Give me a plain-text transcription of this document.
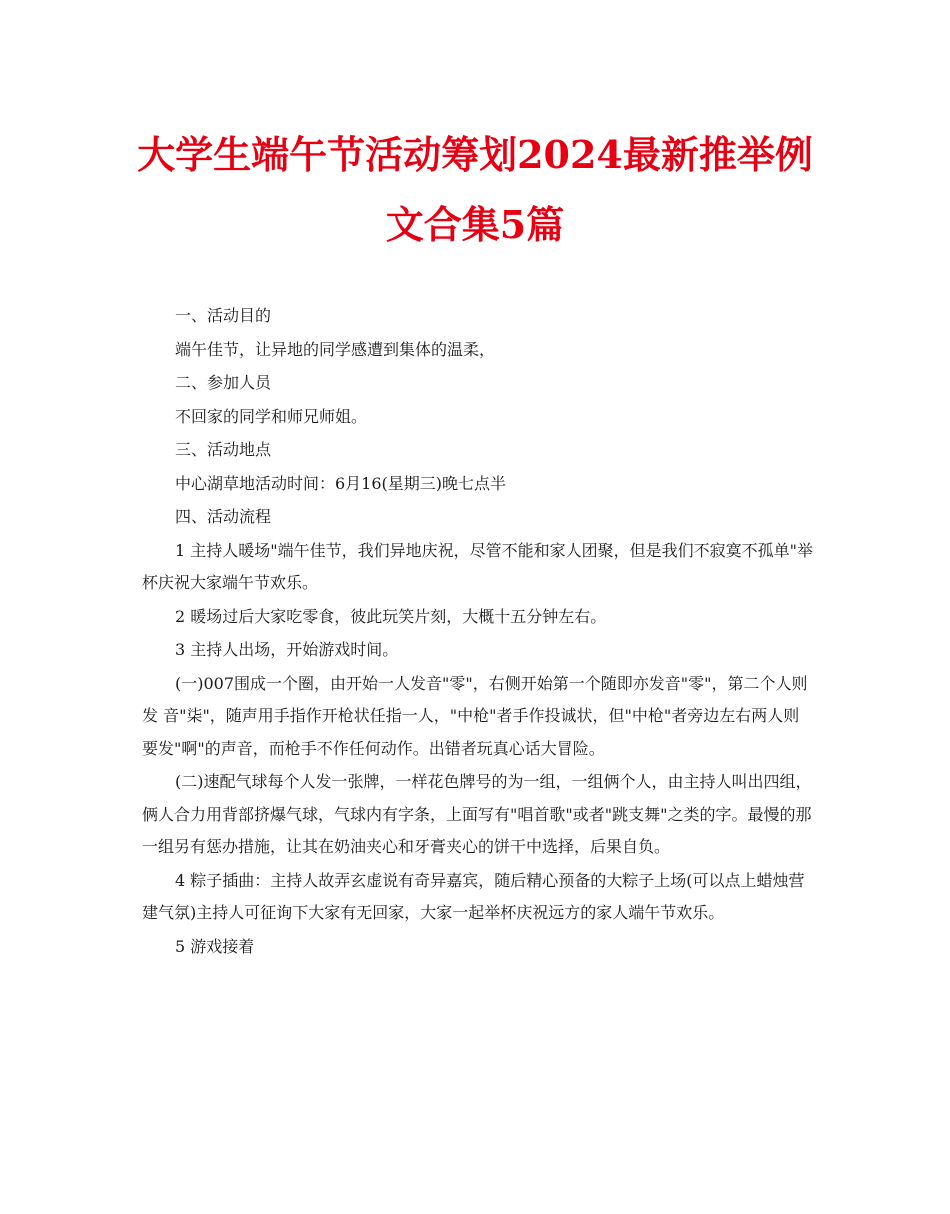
大学生端午节活动筹划2024最新推举例
文合集5篇

一、活动目的

端午佳节，让异地的同学感遭到集体的温柔，

二、参加人员

不回家的同学和师兄师姐。

三、活动地点

中心湖草地活动时间：6月16(星期三)晚七点半

四、活动流程

1 主持人暖场"端午佳节，我们异地庆祝，尽管不能和家人团聚，但是我们不寂寞不孤单"举杯庆祝大家端午节欢乐。

2 暖场过后大家吃零食，彼此玩笑片刻，大概十五分钟左右。

3 主持人出场，开始游戏时间。

(一)007围成一个圈，由开始一人发音"零"，右侧开始第一个随即亦发音"零"，第二个人则发 音"柒"，随声用手指作开枪状任指一人，"中枪"者手作投诚状，但"中枪"者旁边左右两人则要发"啊"的声音，而枪手不作任何动作。出错者玩真心话大冒险。

(二)速配气球每个人发一张牌，一样花色牌号的为一组，一组俩个人，由主持人叫出四组，俩人合力用背部挤爆气球，气球内有字条，上面写有"唱首歌"或者"跳支舞"之类的字。最慢的那一组另有惩办措施，让其在奶油夹心和牙膏夹心的饼干中选择，后果自负。

4 粽子插曲：主持人故弄玄虚说有奇异嘉宾，随后精心预备的大粽子上场(可以点上蜡烛营建气氛)主持人可征询下大家有无回家，大家一起举杯庆祝远方的家人端午节欢乐。

5 游戏接着
